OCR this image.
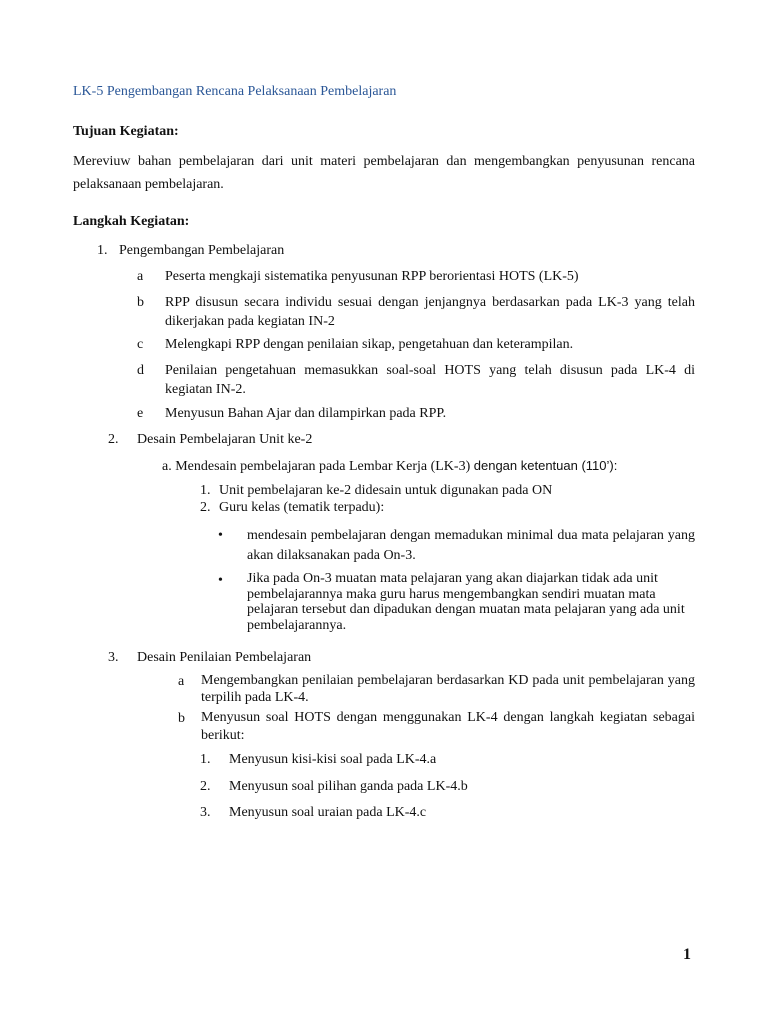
LK-5 Pengembangan Rencana Pelaksanaan Pembelajaran
Tujuan Kegiatan:
Mereviuw bahan pembelajaran dari unit materi pembelajaran dan mengembangkan penyusunan rencana pelaksanaan pembelajaran.
Langkah Kegiatan:
1. Pengembangan Pembelajaran
a Peserta mengkaji sistematika penyusunan RPP berorientasi HOTS (LK-5)
b RPP disusun secara individu sesuai dengan jenjangnya berdasarkan pada LK-3 yang telah dikerjakan pada kegiatan IN-2
c Melengkapi RPP dengan penilaian sikap, pengetahuan dan keterampilan.
d Penilaian pengetahuan memasukkan soal-soal HOTS yang telah disusun pada LK-4 di kegiatan IN-2.
e Menyusun Bahan Ajar dan dilampirkan pada RPP.
2. Desain Pembelajaran Unit ke-2
a. Mendesain pembelajaran pada Lembar Kerja (LK-3) dengan ketentuan (110’):
1. Unit pembelajaran ke-2 didesain untuk digunakan pada ON
2. Guru kelas (tematik terpadu):
• mendesain pembelajaran dengan memadukan minimal dua mata pelajaran yang akan dilaksanakan pada On-3.
• Jika pada On-3 muatan mata pelajaran yang akan diajarkan tidak ada unit pembelajarannya maka guru harus mengembangkan sendiri muatan mata pelajaran tersebut dan dipadukan dengan muatan mata pelajaran yang ada unit pembelajarannya.
3. Desain Penilaian Pembelajaran
a Mengembangkan penilaian pembelajaran berdasarkan KD pada unit pembelajaran yang terpilih pada LK-4.
b Menyusun soal HOTS dengan menggunakan LK-4 dengan langkah kegiatan sebagai berikut:
1. Menyusun kisi-kisi soal pada LK-4.a
2. Menyusun soal pilihan ganda pada LK-4.b
3. Menyusun soal uraian pada LK-4.c
1
